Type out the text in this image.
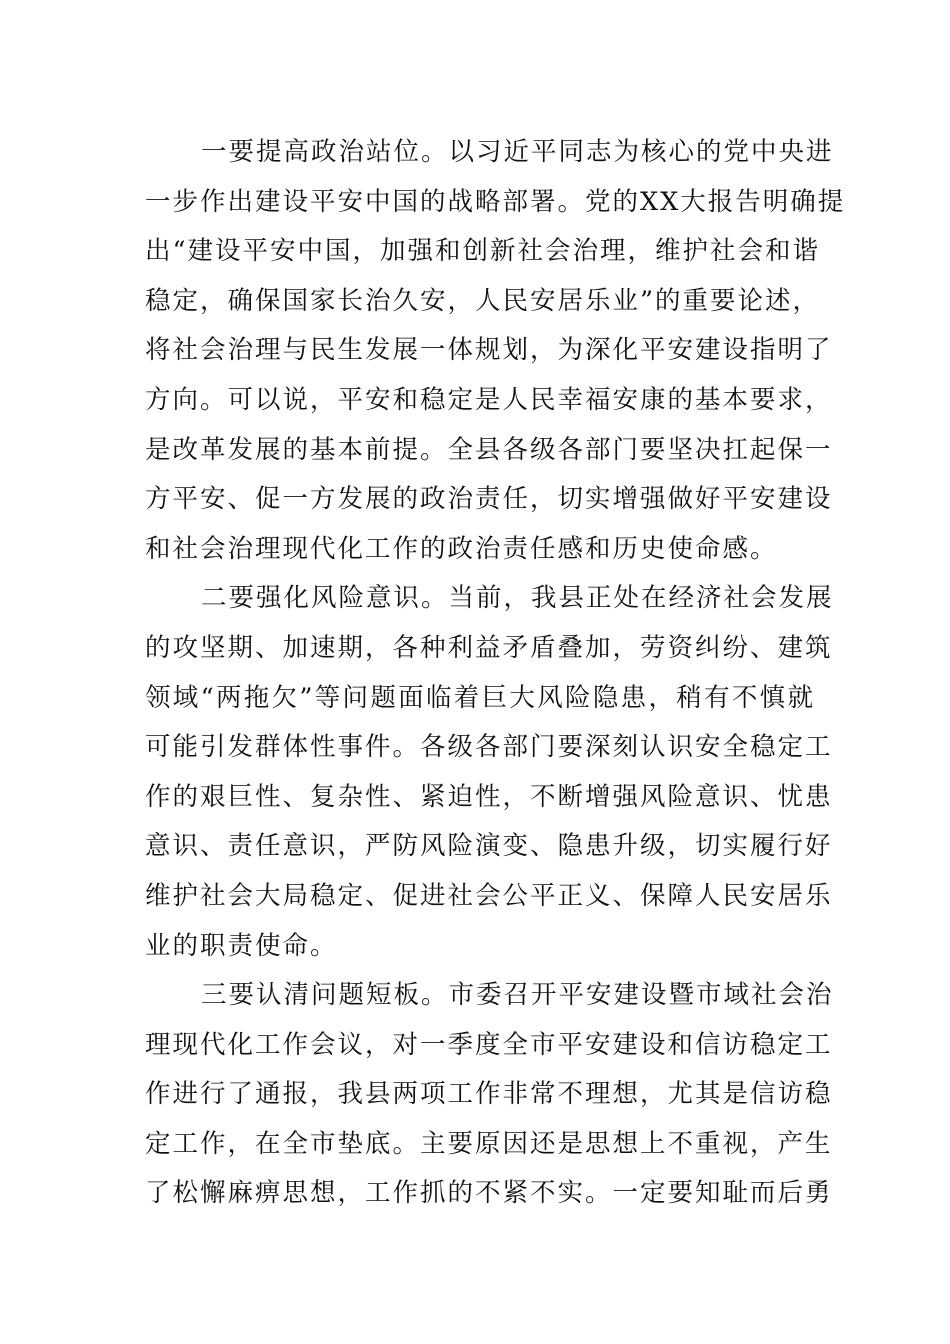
一要提高政治站位。以习近平同志为核心的党中央进
一步作出建设平安中国的战略部署。党的XX大报告明确提
出“建设平安中国，加强和创新社会治理，维护社会和谐
稳定，确保国家长治久安，人民安居乐业”的重要论述，
将社会治理与民生发展一体规划，为深化平安建设指明了
方向。可以说，平安和稳定是人民幸福安康的基本要求，
是改革发展的基本前提。全县各级各部门要坚决扛起保一
方平安、促一方发展的政治责任，切实增强做好平安建设
和社会治理现代化工作的政治责任感和历史使命感。
二要强化风险意识。当前，我县正处在经济社会发展
的攻坚期、加速期，各种利益矛盾叠加，劳资纠纷、建筑
领域“两拖欠”等问题面临着巨大风险隐患，稍有不慎就
可能引发群体性事件。各级各部门要深刻认识安全稳定工
作的艰巨性、复杂性、紧迫性，不断增强风险意识、忧患
意识、责任意识，严防风险演变、隐患升级，切实履行好
维护社会大局稳定、促进社会公平正义、保障人民安居乐
业的职责使命。
三要认清问题短板。市委召开平安建设暨市域社会治
理现代化工作会议，对一季度全市平安建设和信访稳定工
作进行了通报，我县两项工作非常不理想，尤其是信访稳
定工作，在全市垫底。主要原因还是思想上不重视，产生
了松懈麻痹思想，工作抓的不紧不实。一定要知耻而后勇
